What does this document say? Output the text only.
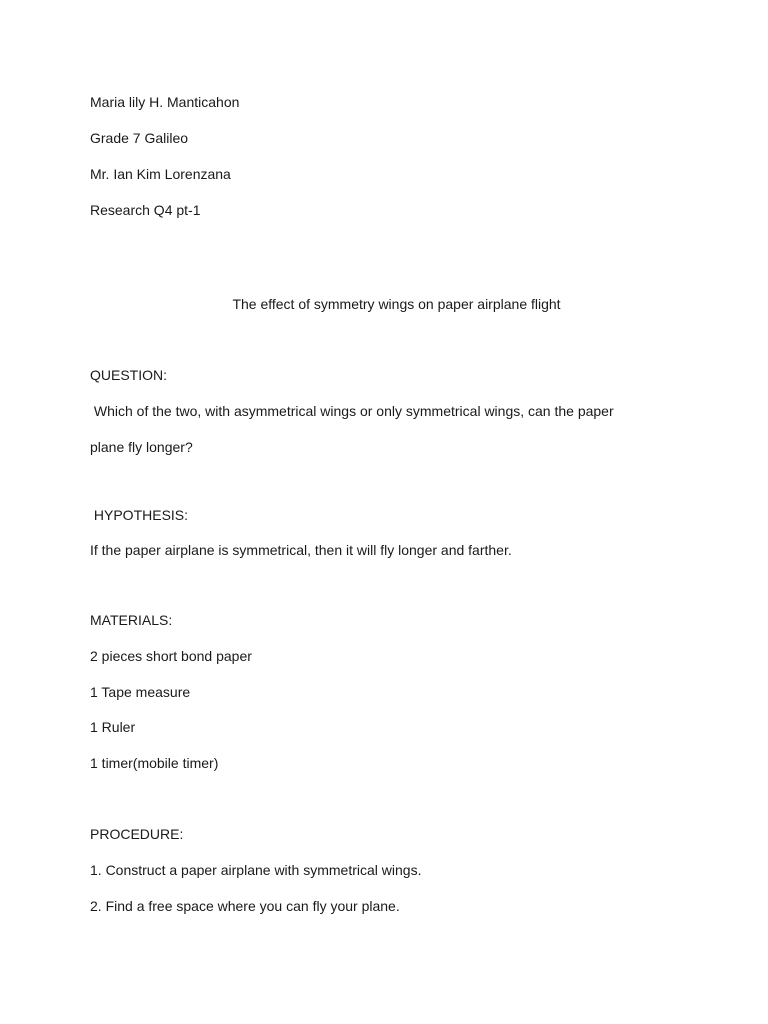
Maria lily H. Manticahon
Grade 7 Galileo
Mr. Ian Kim Lorenzana
Research Q4 pt-1
The effect of symmetry wings on paper airplane flight
QUESTION:
Which of the two, with asymmetrical wings or only symmetrical wings, can the paper
plane fly longer?
HYPOTHESIS:
If the paper airplane is symmetrical, then it will fly longer and farther.
MATERIALS:
2 pieces short bond paper
1 Tape measure
1 Ruler
1 timer(mobile timer)
PROCEDURE:
1. Construct a paper airplane with symmetrical wings.
2. Find a free space where you can fly your plane.
